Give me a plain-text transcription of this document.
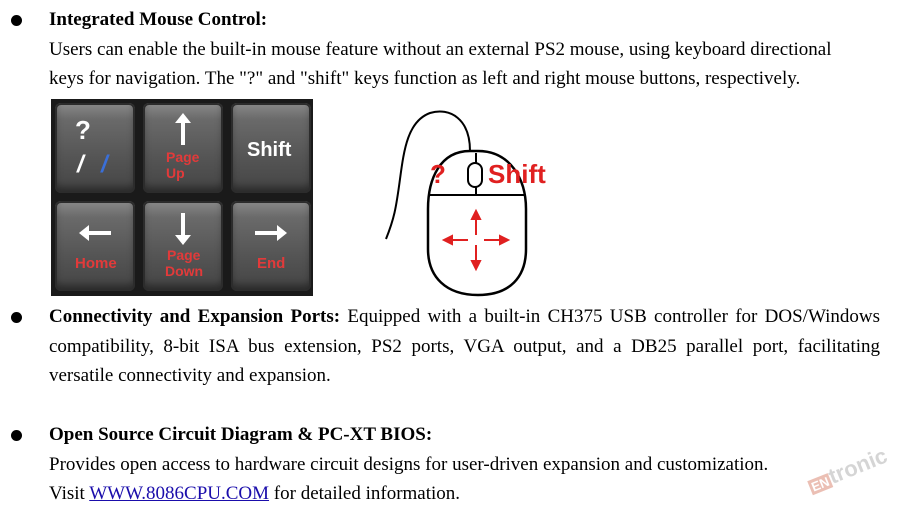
Integrated Mouse Control:
Users can enable the built-in mouse feature without an external PS2 mouse, using keyboard directional
keys for navigation. The "?" and "shift" keys function as left and right mouse buttons, respectively.
?
/ /	Page
Up
Shift
Home	Page
Down	End
? Shift
Connectivity and Expansion Ports: Equipped with a built-in CH375 USB controller for DOS/Windows
compatibility, 8-bit ISA bus extension, PS2 ports, VGA output, and a DB25 parallel port, facilitating
versatile connectivity and expansion.
Open Source Circuit Diagram & PC-XT BIOS:
Provides open access to hardware circuit designs for user-driven expansion and customization.
Visit WWW.8086CPU.COM for detailed information.	ENtronic
